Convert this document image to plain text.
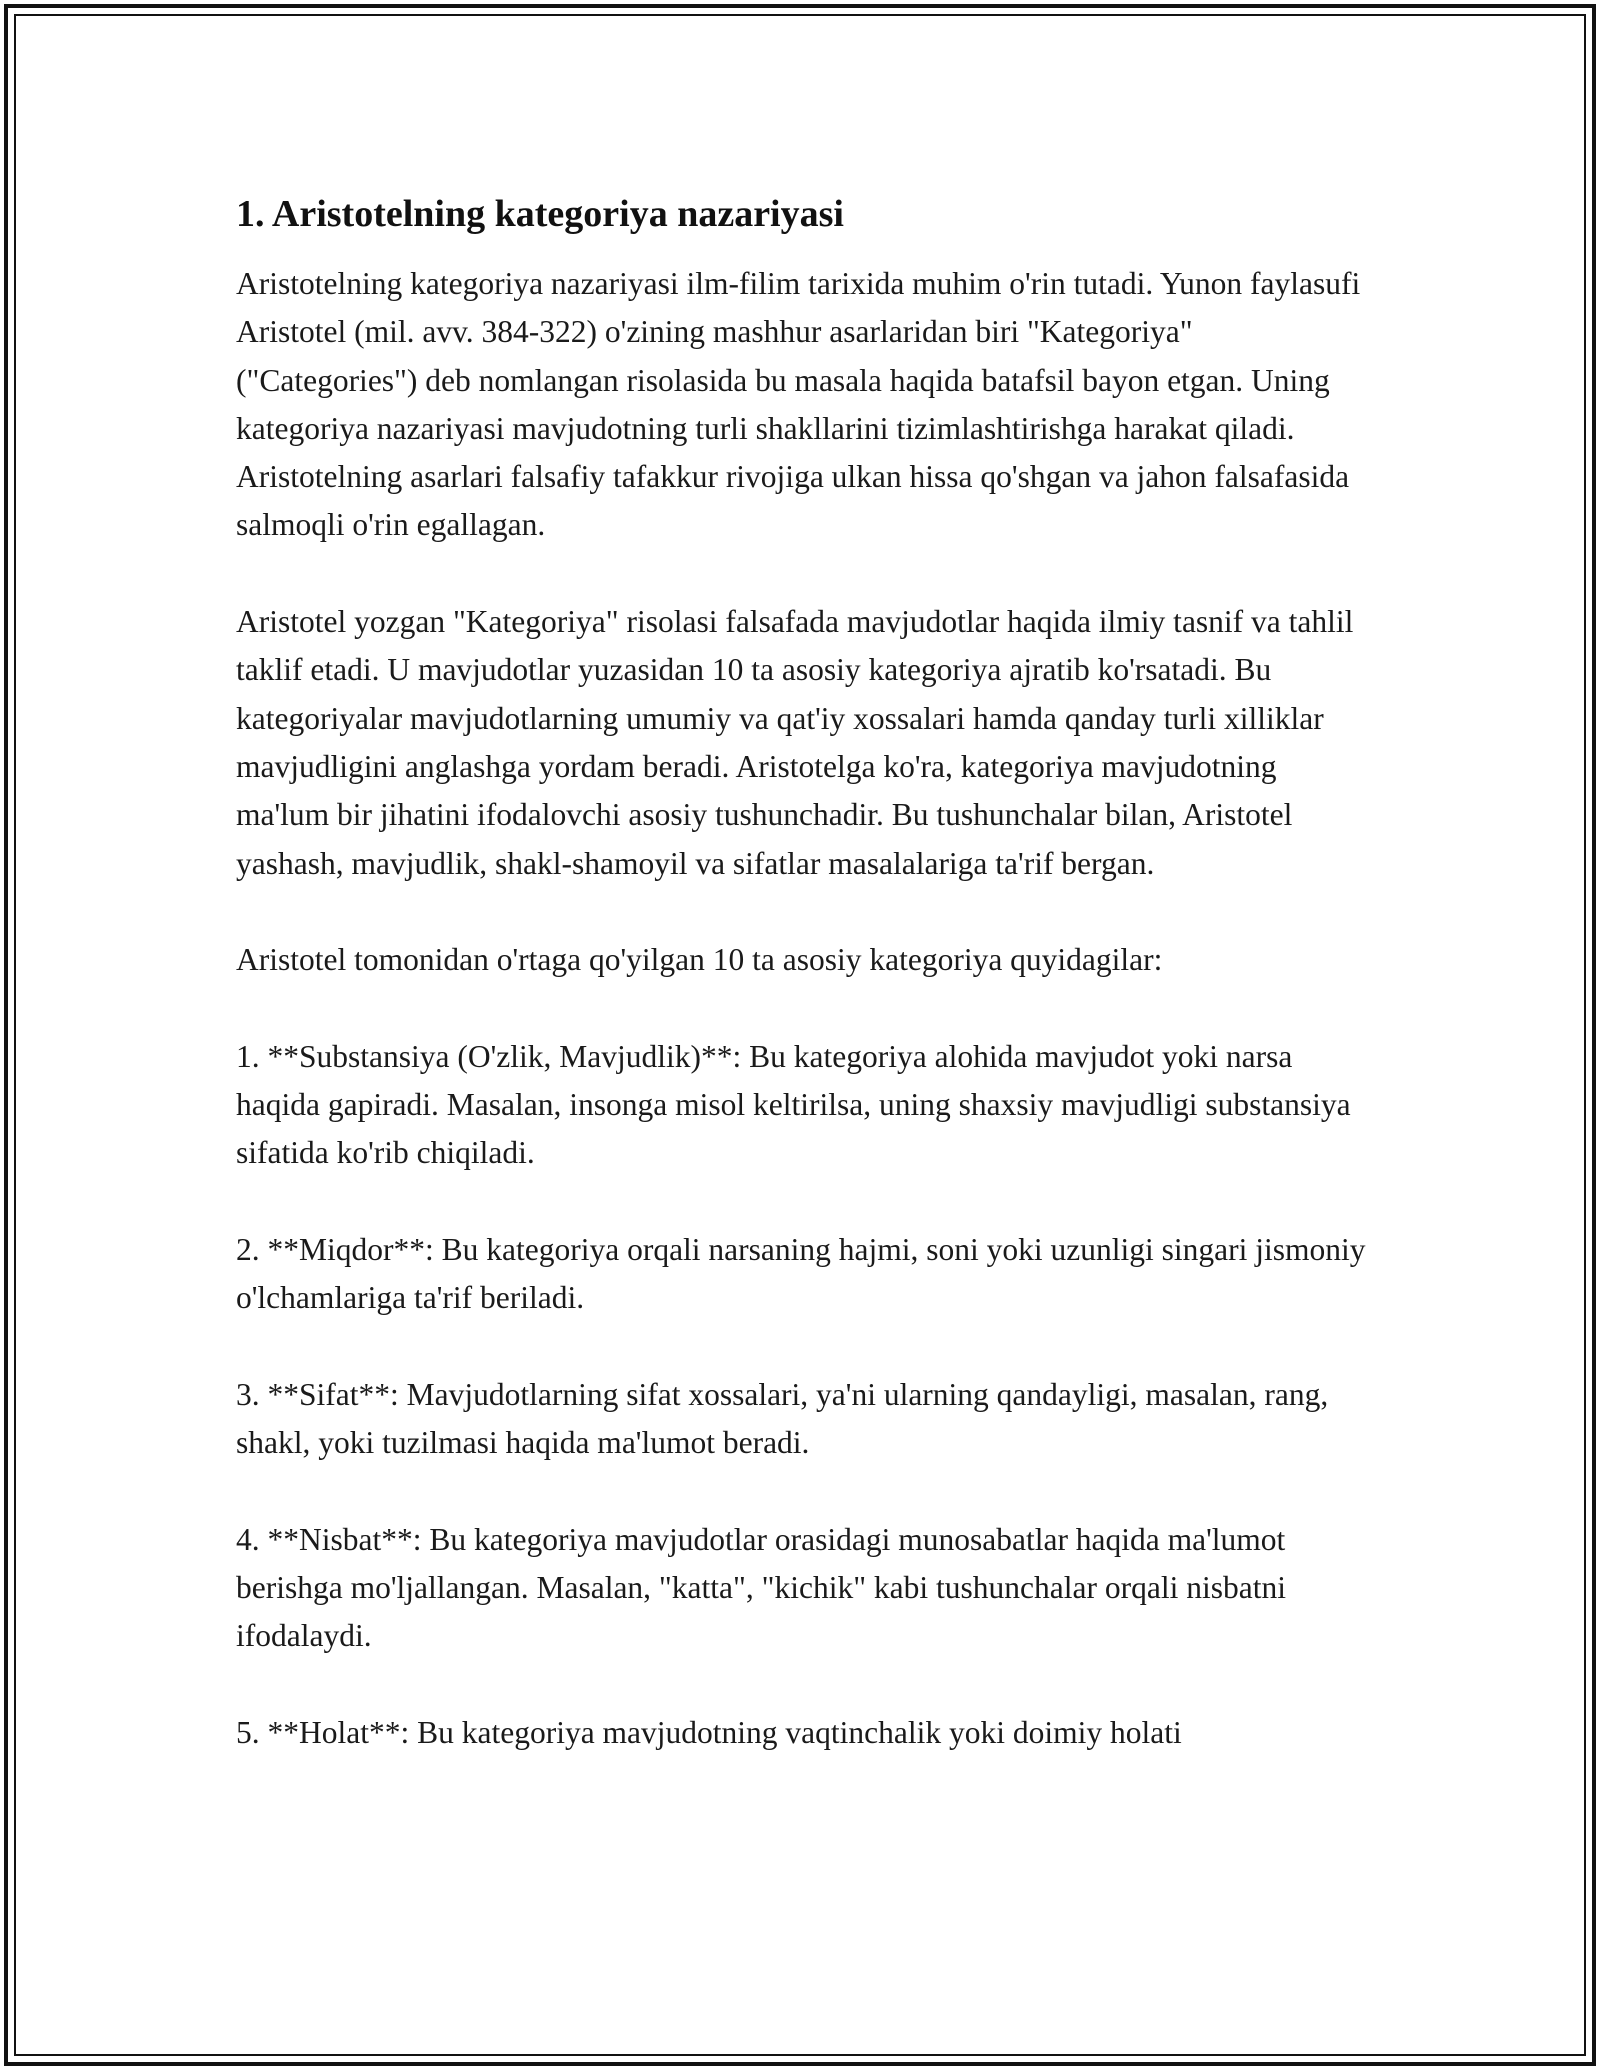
1. Aristotelning kategoriya nazariyasi

Aristotelning kategoriya nazariyasi ilm-filim tarixida muhim o'rin tutadi. Yunon faylasufi Aristotel (mil. avv. 384-322) o'zining mashhur asarlaridan biri "Kategoriya" ("Categories") deb nomlangan risolasida bu masala haqida batafsil bayon etgan. Uning kategoriya nazariyasi mavjudotning turli shakllarini tizimlashtirishga harakat qiladi. Aristotelning asarlari falsafiy tafakkur rivojiga ulkan hissa qo'shgan va jahon falsafasida salmoqli o'rin egallagan.

Aristotel yozgan "Kategoriya" risolasi falsafada mavjudotlar haqida ilmiy tasnif va tahlil taklif etadi. U mavjudotlar yuzasidan 10 ta asosiy kategoriya ajratib ko'rsatadi. Bu kategoriyalar mavjudotlarning umumiy va qat'iy xossalari hamda qanday turli xilliklar mavjudligini anglashga yordam beradi. Aristotelga ko'ra, kategoriya mavjudotning ma'lum bir jihatini ifodalovchi asosiy tushunchadir. Bu tushunchalar bilan, Aristotel yashash, mavjudlik, shakl-shamoyil va sifatlar masalalariga ta'rif bergan.

Aristotel tomonidan o'rtaga qo'yilgan 10 ta asosiy kategoriya quyidagilar:

1. **Substansiya (O'zlik, Mavjudlik)**: Bu kategoriya alohida mavjudot yoki narsa haqida gapiradi. Masalan, insonga misol keltirilsa, uning shaxsiy mavjudligi substansiya sifatida ko'rib chiqiladi.

2. **Miqdor**: Bu kategoriya orqali narsaning hajmi, soni yoki uzunligi singari jismoniy o'lchamlariga ta'rif beriladi.

3. **Sifat**: Mavjudotlarning sifat xossalari, ya'ni ularning qandayligi, masalan, rang, shakl, yoki tuzilmasi haqida ma'lumot beradi.

4. **Nisbat**: Bu kategoriya mavjudotlar orasidagi munosabatlar haqida ma'lumot berishga mo'ljallangan. Masalan, "katta", "kichik" kabi tushunchalar orqali nisbatni ifodalaydi.

5. **Holat**: Bu kategoriya mavjudotning vaqtinchalik yoki doimiy holati
